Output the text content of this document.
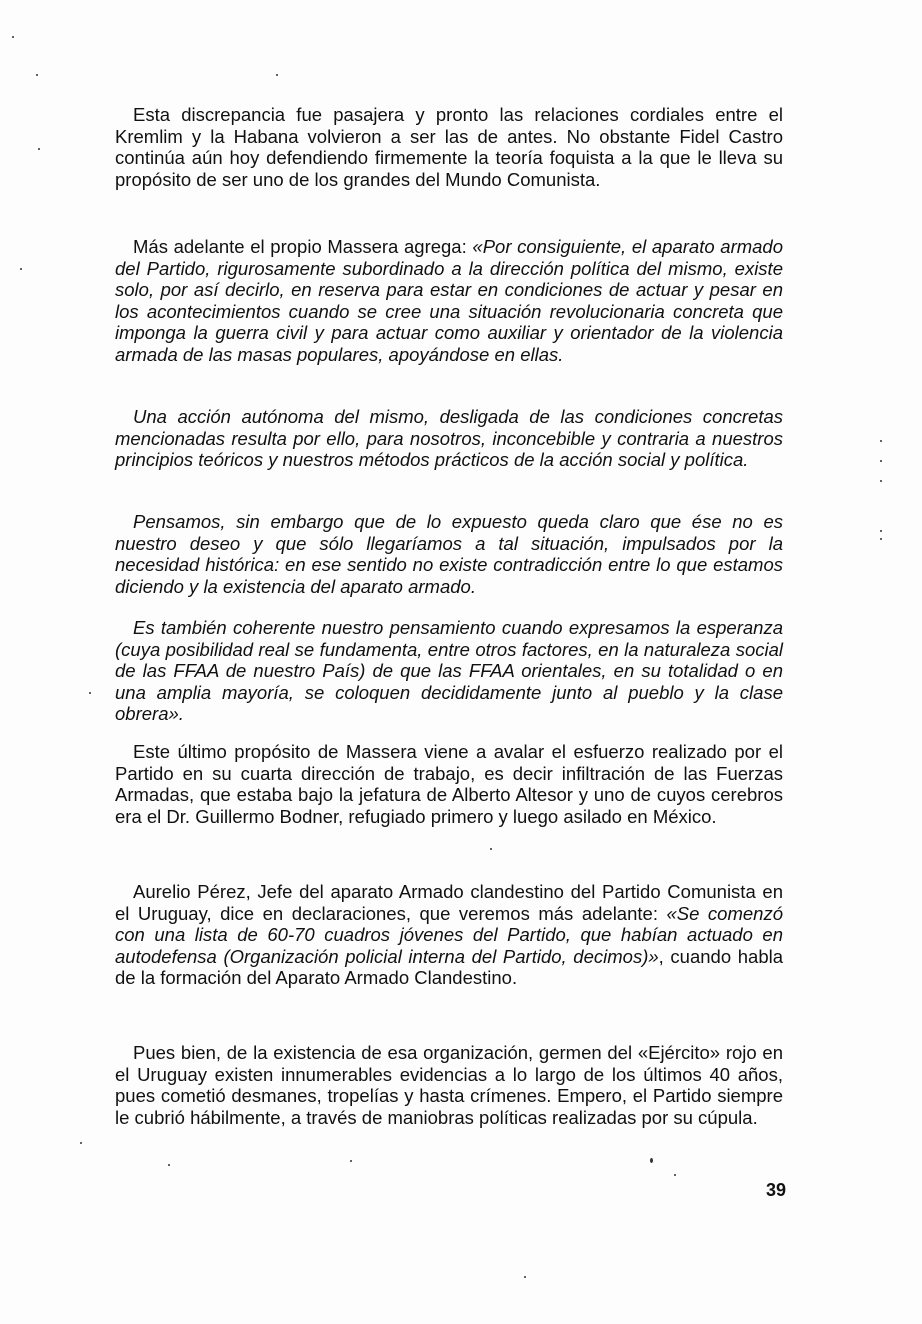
Esta discrepancia fue pasajera y pronto las relaciones cordiales entre el Kremlim y la Habana volvieron a ser las de antes. No obstante Fidel Castro continúa aún hoy defendiendo firmemente la teoría foquista a la que le lleva su propósito de ser uno de los grandes del Mundo Comunista.

Más adelante el propio Massera agrega: «Por consiguiente, el aparato armado del Partido, rigurosamente subordinado a la dirección política del mismo, existe solo, por así decirlo, en reserva para estar en condiciones de actuar y pesar en los acontecimientos cuando se cree una situación revolucionaria concreta que imponga la guerra civil y para actuar como auxiliar y orientador de la violencia armada de las masas populares, apoyándose en ellas.

Una acción autónoma del mismo, desligada de las condiciones concretas mencionadas resulta por ello, para nosotros, inconcebible y contraria a nuestros principios teóricos y nuestros métodos prácticos de la acción social y política.

Pensamos, sin embargo que de lo expuesto queda claro que ése no es nuestro deseo y que sólo llegaríamos a tal situación, impulsados por la necesidad histórica: en ese sentido no existe contradicción entre lo que estamos diciendo y la existencia del aparato armado.

Es también coherente nuestro pensamiento cuando expresamos la esperanza (cuya posibilidad real se fundamenta, entre otros factores, en la naturaleza social de las FFAA de nuestro País) de que las FFAA orientales, en su totalidad o en una amplia mayoría, se coloquen decididamente junto al pueblo y la clase obrera».

Este último propósito de Massera viene a avalar el esfuerzo realizado por el Partido en su cuarta dirección de trabajo, es decir infiltración de las Fuerzas Armadas, que estaba bajo la jefatura de Alberto Altesor y uno de cuyos cerebros era el Dr. Guillermo Bodner, refugiado primero y luego asilado en México.

Aurelio Pérez, Jefe del aparato Armado clandestino del Partido Comunista en el Uruguay, dice en declaraciones, que veremos más adelante: «Se comenzó con una lista de 60-70 cuadros jóvenes del Partido, que habían actuado en autodefensa (Organización policial interna del Partido, decimos)», cuando habla de la formación del Aparato Armado Clandestino.

Pues bien, de la existencia de esa organización, germen del «Ejército» rojo en el Uruguay existen innumerables evidencias a lo largo de los últimos 40 años, pues cometió desmanes, tropelías y hasta crímenes. Empero, el Partido siempre le cubrió hábilmente, a través de maniobras políticas realizadas por su cúpula.

39
